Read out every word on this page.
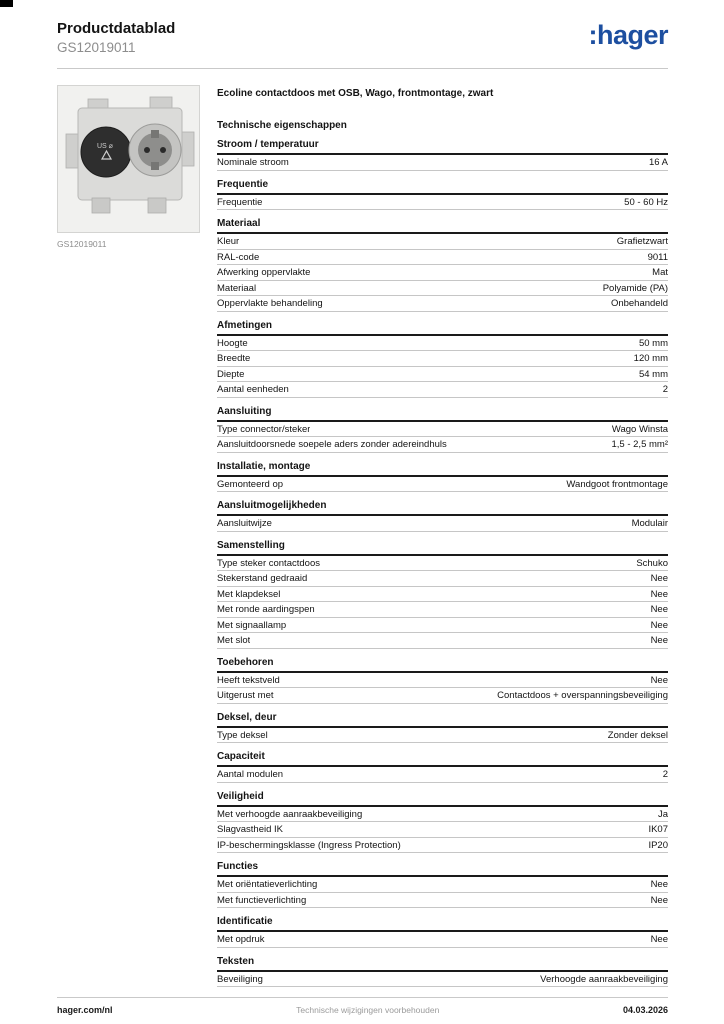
Productdatablad
GS12019011	:hager
US ⌀
GS12019011
Ecoline contactdoos met OSB, Wago, frontmontage, zwart
Technische eigenschappen
Stroom / temperatuur
Nominale stroom	16 A
Frequentie
Frequentie	50 - 60 Hz
Materiaal
Kleur	Grafietzwart
RAL-code	9011
Afwerking oppervlakte	Mat
Materiaal	Polyamide (PA)
Oppervlakte behandeling	Onbehandeld
Afmetingen
Hoogte	50 mm
Breedte	120 mm
Diepte	54 mm
Aantal eenheden	2
Aansluiting
Type connector/steker	Wago Winsta
Aansluitdoorsnede soepele aders zonder adereindhuls	1,5 - 2,5 mm²
Installatie, montage
Gemonteerd op	Wandgoot frontmontage
Aansluitmogelijkheden
Aansluitwijze	Modulair
Samenstelling
Type steker contactdoos	Schuko
Stekerstand gedraaid	Nee
Met klapdeksel	Nee
Met ronde aardingspen	Nee
Met signaallamp	Nee
Met slot	Nee
Toebehoren
Heeft tekstveld	Nee
Uitgerust met	Contactdoos + overspanningsbeveiliging
Deksel, deur
Type deksel	Zonder deksel
Capaciteit
Aantal modulen	2
Veiligheid
Met verhoogde aanraakbeveiliging	Ja
Slagvastheid IK	IK07
IP-beschermingsklasse (Ingress Protection)	IP20
Functies
Met oriëntatieverlichting	Nee
Met functieverlichting	Nee
Identificatie
Met opdruk	Nee
Teksten
Beveiliging	Verhoogde aanraakbeveiliging
hager.com/nl	Technische wijzigingen voorbehouden	04.03.2026
